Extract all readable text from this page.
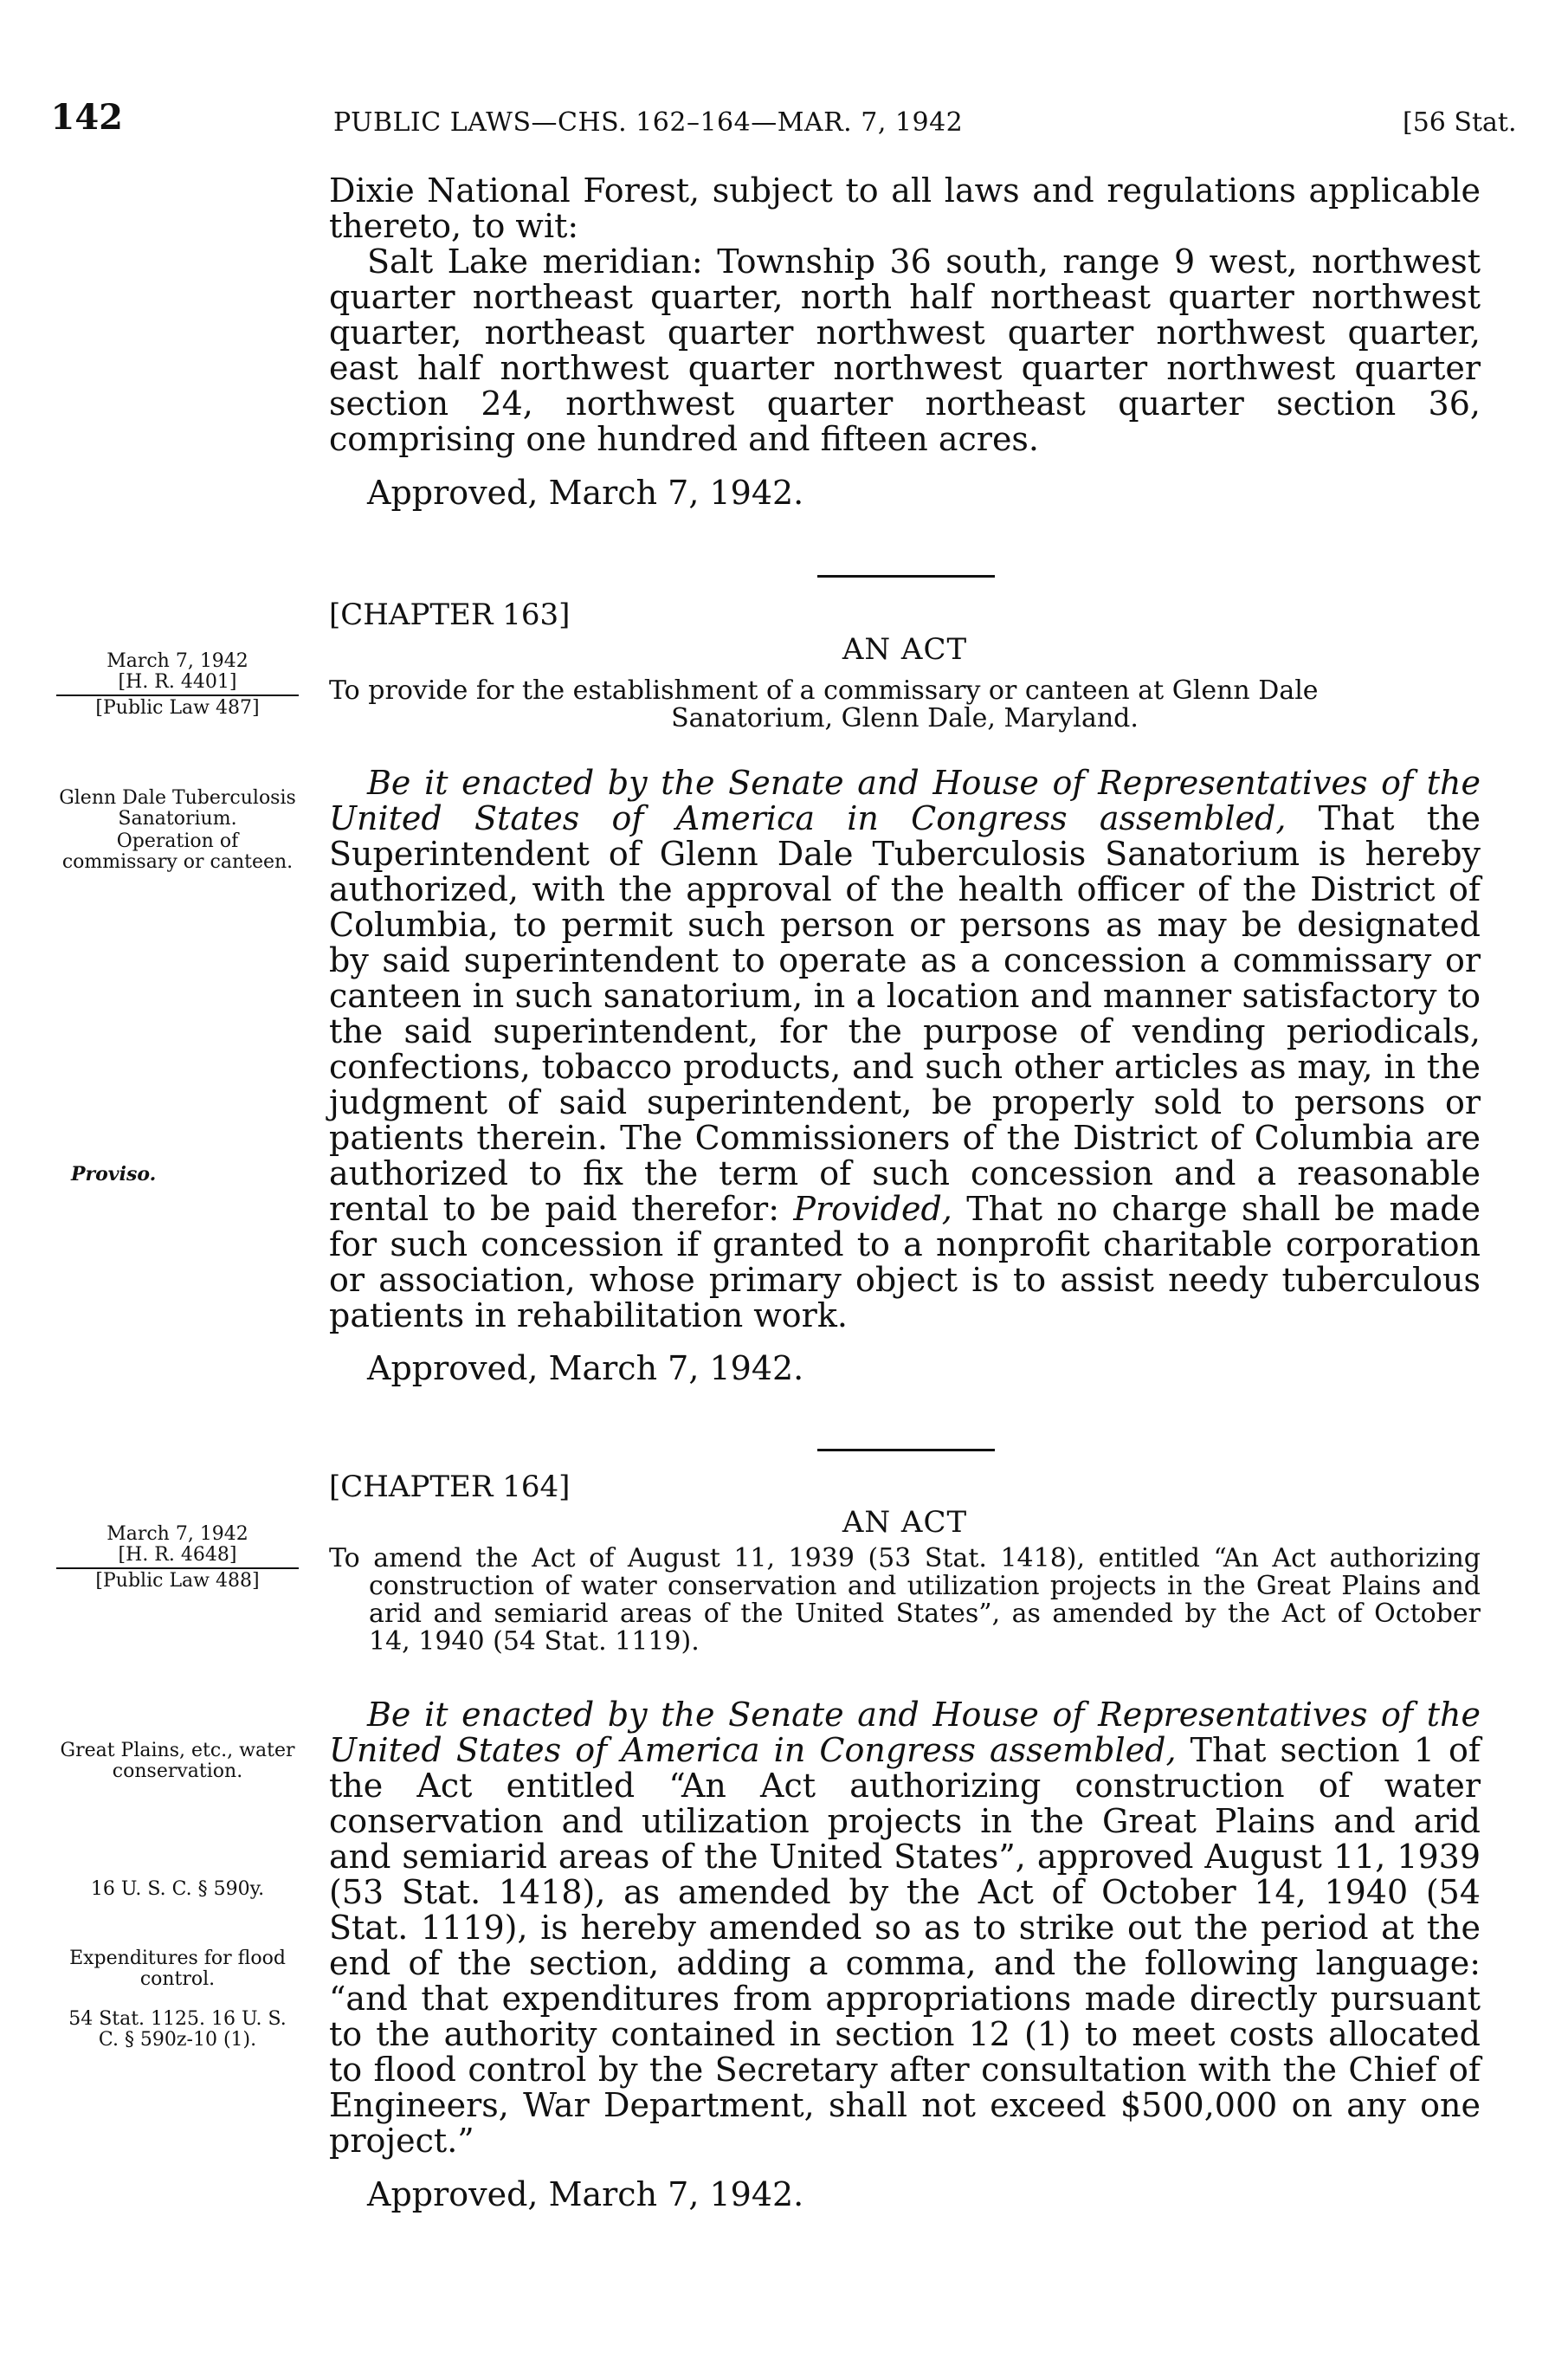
142	PUBLIC LAWS—CHS. 162–164—MAR. 7, 1942	[56 Stat.

Dixie National Forest, subject to all laws and regulations applicable thereto, to wit:

Salt Lake meridian: Township 36 south, range 9 west, northwest quarter northeast quarter, north half northeast quarter northwest quarter, northeast quarter northwest quarter northwest quarter, east half northwest quarter northwest quarter northwest quarter section 24, northwest quarter northeast quarter section 36, comprising one hundred and fifteen acres.

Approved, March 7, 1942.
[CHAPTER 163]
AN ACT
To provide for the establishment of a commissary or canteen at Glenn Dale
Sanatorium, Glenn Dale, Maryland.
March 7, 1942
[H. R. 4401]
[Public Law 487]
Glenn Dale Tuberculosis Sanatorium.
Operation of commissary or canteen.
Proviso.

Be it enacted by the Senate and House of Representatives of the United States of America in Congress assembled, That the Superintendent of Glenn Dale Tuberculosis Sanatorium is hereby authorized, with the approval of the health officer of the District of Columbia, to permit such person or persons as may be designated by said superintendent to operate as a concession a commissary or canteen in such sanatorium, in a location and manner satisfactory to the said superintendent, for the purpose of vending periodicals, confections, tobacco products, and such other articles as may, in the judgment of said superintendent, be properly sold to persons or patients therein. The Commissioners of the District of Columbia are authorized to fix the term of such concession and a reasonable rental to be paid therefor: Provided, That no charge shall be made for such concession if granted to a nonprofit charitable corporation or association, whose primary object is to assist needy tuberculous patients in rehabilitation work.

Approved, March 7, 1942.
[CHAPTER 164]
AN ACT
To amend the Act of August 11, 1939 (53 Stat. 1418), entitled “An Act authorizing construction of water conservation and utilization projects in the Great Plains and arid and semiarid areas of the United States”, as amended by the Act of October 14, 1940 (54 Stat. 1119).
March 7, 1942
[H. R. 4648]
[Public Law 488]
Great Plains, etc., water conservation.
16 U. S. C. § 590y.
Expenditures for flood control.
54 Stat. 1125. 16 U. S. C. § 590z-10 (1).

Be it enacted by the Senate and House of Representatives of the United States of America in Congress assembled, That section 1 of the Act entitled “An Act authorizing construction of water conservation and utilization projects in the Great Plains and arid and semiarid areas of the United States”, approved August 11, 1939 (53 Stat. 1418), as amended by the Act of October 14, 1940 (54 Stat. 1119), is hereby amended so as to strike out the period at the end of the section, adding a comma, and the following language: “and that expenditures from appropriations made directly pursuant to the authority contained in section 12 (1) to meet costs allocated to flood control by the Secretary after consultation with the Chief of Engineers, War Department, shall not exceed $500,000 on any one project.”

Approved, March 7, 1942.
